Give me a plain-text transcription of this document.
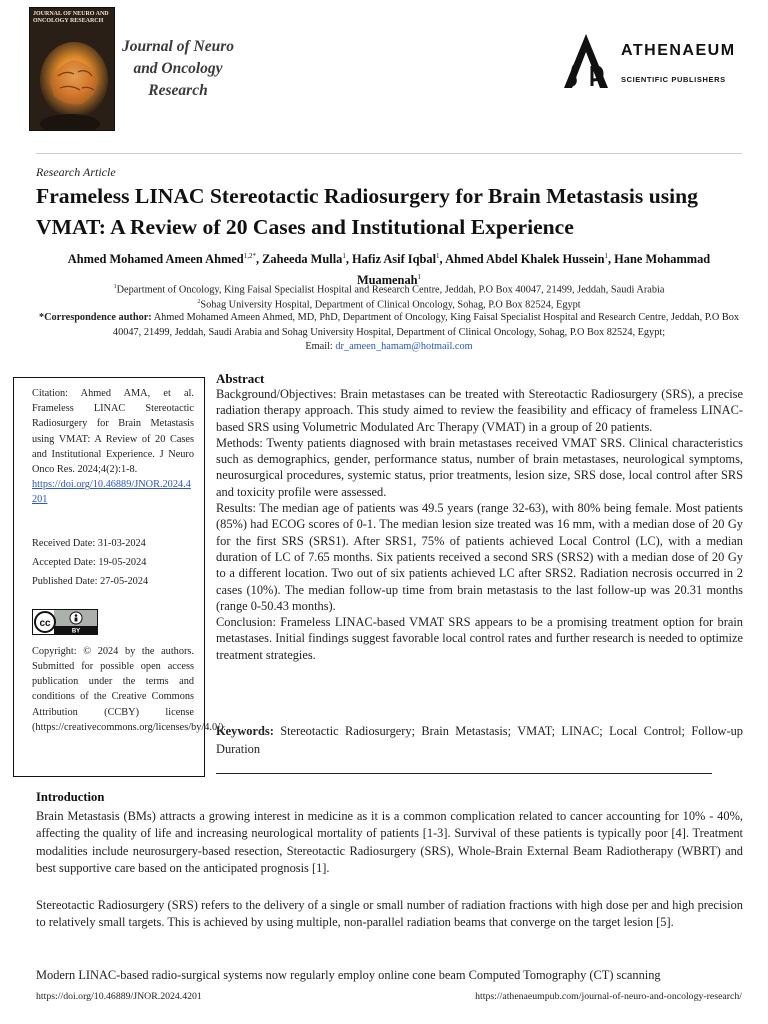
JOURNAL OF NEURO AND ONCOLOGY RESEARCH
Journal of Neuro
and Oncology
Research
ATHENAEUM
SCIENTIFIC PUBLISHERS
Research Article
Frameless LINAC Stereotactic Radiosurgery for Brain Metastasis using VMAT: A Review of 20 Cases and Institutional Experience
Ahmed Mohamed Ameen Ahmed$^{1,2*}$, Zaheeda Mulla$^1$, Hafiz Asif Iqbal$^1$, Ahmed Abdel Khalek Hussein$^1$, Hane Mohammad Muamenah$^1$
$^1$Department of Oncology, King Faisal Specialist Hospital and Research Centre, Jeddah, P.O Box 40047, 21499, Jeddah, Saudi Arabia
$^2$Sohag University Hospital, Department of Clinical Oncology, Sohag, P.O Box 82524, Egypt
*Correspondence author: Ahmed Mohamed Ameen Ahmed, MD, PhD, Department of Oncology, King Faisal Specialist Hospital and Research Centre, Jeddah, P.O Box 40047, 21499, Jeddah, Saudi Arabia and Sohag University Hospital, Department of Clinical Oncology, Sohag, P.O Box 82524, Egypt;
Email: dr_ameen_hamam@hotmail.com

Citation: Ahmed AMA, et al. Frameless LINAC Stereotactic Radiosurgery for Brain Metastasis using VMAT: A Review of 20 Cases and Institutional Experience. J Neuro Onco Res. 2024;4(2):1-8.

https://doi.org/10.46889/JNOR.2024.4201

Received Date: 31-03-2024
Accepted Date: 19-05-2024
Published Date: 27-05-2024
cc
BY

Copyright: © 2024 by the authors. Submitted for possible open access publication under the terms and conditions of the Creative Commons Attribution (CCBY) license (https://creativecommons.org/licenses/by/4.0/).

Abstract

Background/Objectives: Brain metastases can be treated with Stereotactic Radiosurgery (SRS), a precise radiation therapy approach. This study aimed to review the feasibility and efficacy of frameless LINAC-based SRS using Volumetric Modulated Arc Therapy (VMAT) in a group of 20 patients.

Methods: Twenty patients diagnosed with brain metastases received VMAT SRS. Clinical characteristics such as demographics, gender, performance status, number of brain metastases, neurological symptoms, neurosurgical procedures, systemic status, prior treatments, lesion size, SRS dose, local control after SRS and toxicity profile were assessed.

Results: The median age of patients was 49.5 years (range 32-63), with 80% being female. Most patients (85%) had ECOG scores of 0-1. The median lesion size treated was 16 mm, with a median dose of 20 Gy for the first SRS (SRS1). After SRS1, 75% of patients achieved Local Control (LC), with a median duration of LC of 7.65 months. Six patients received a second SRS (SRS2) with a median dose of 20 Gy to a different location. Two out of six patients achieved LC after SRS2. Radiation necrosis occurred in 2 cases (10%). The median follow-up time from brain metastasis to the last follow-up was 20.31 months (range 0-50.43 months).

Conclusion: Frameless LINAC-based VMAT SRS appears to be a promising treatment option for brain metastases. Initial findings suggest favorable local control rates and further research is needed to optimize treatment strategies.

Keywords: Stereotactic Radiosurgery; Brain Metastasis; VMAT; LINAC; Local Control; Follow-up Duration
Introduction

Brain Metastasis (BMs) attracts a growing interest in medicine as it is a common complication related to cancer accounting for 10% - 40%, affecting the quality of life and increasing neurological mortality of patients [1-3]. Survival of these patients is typically poor [4]. Treatment modalities include neurosurgery-based resection, Stereotactic Radiosurgery (SRS), Whole-Brain External Beam Radiotherapy (WBRT) and best supportive care based on the anticipated prognosis [1].

Stereotactic Radiosurgery (SRS) refers to the delivery of a single or small number of radiation fractions with high dose per and high precision to relatively small targets. This is achieved by using multiple, non-parallel radiation beams that converge on the target lesion [5].

Modern LINAC-based radio-surgical systems now regularly employ online cone beam Computed Tomography (CT) scanning

https://doi.org/10.46889/JNOR.2024.4201	https://athenaeumpub.com/journal-of-neuro-and-oncology-research/
